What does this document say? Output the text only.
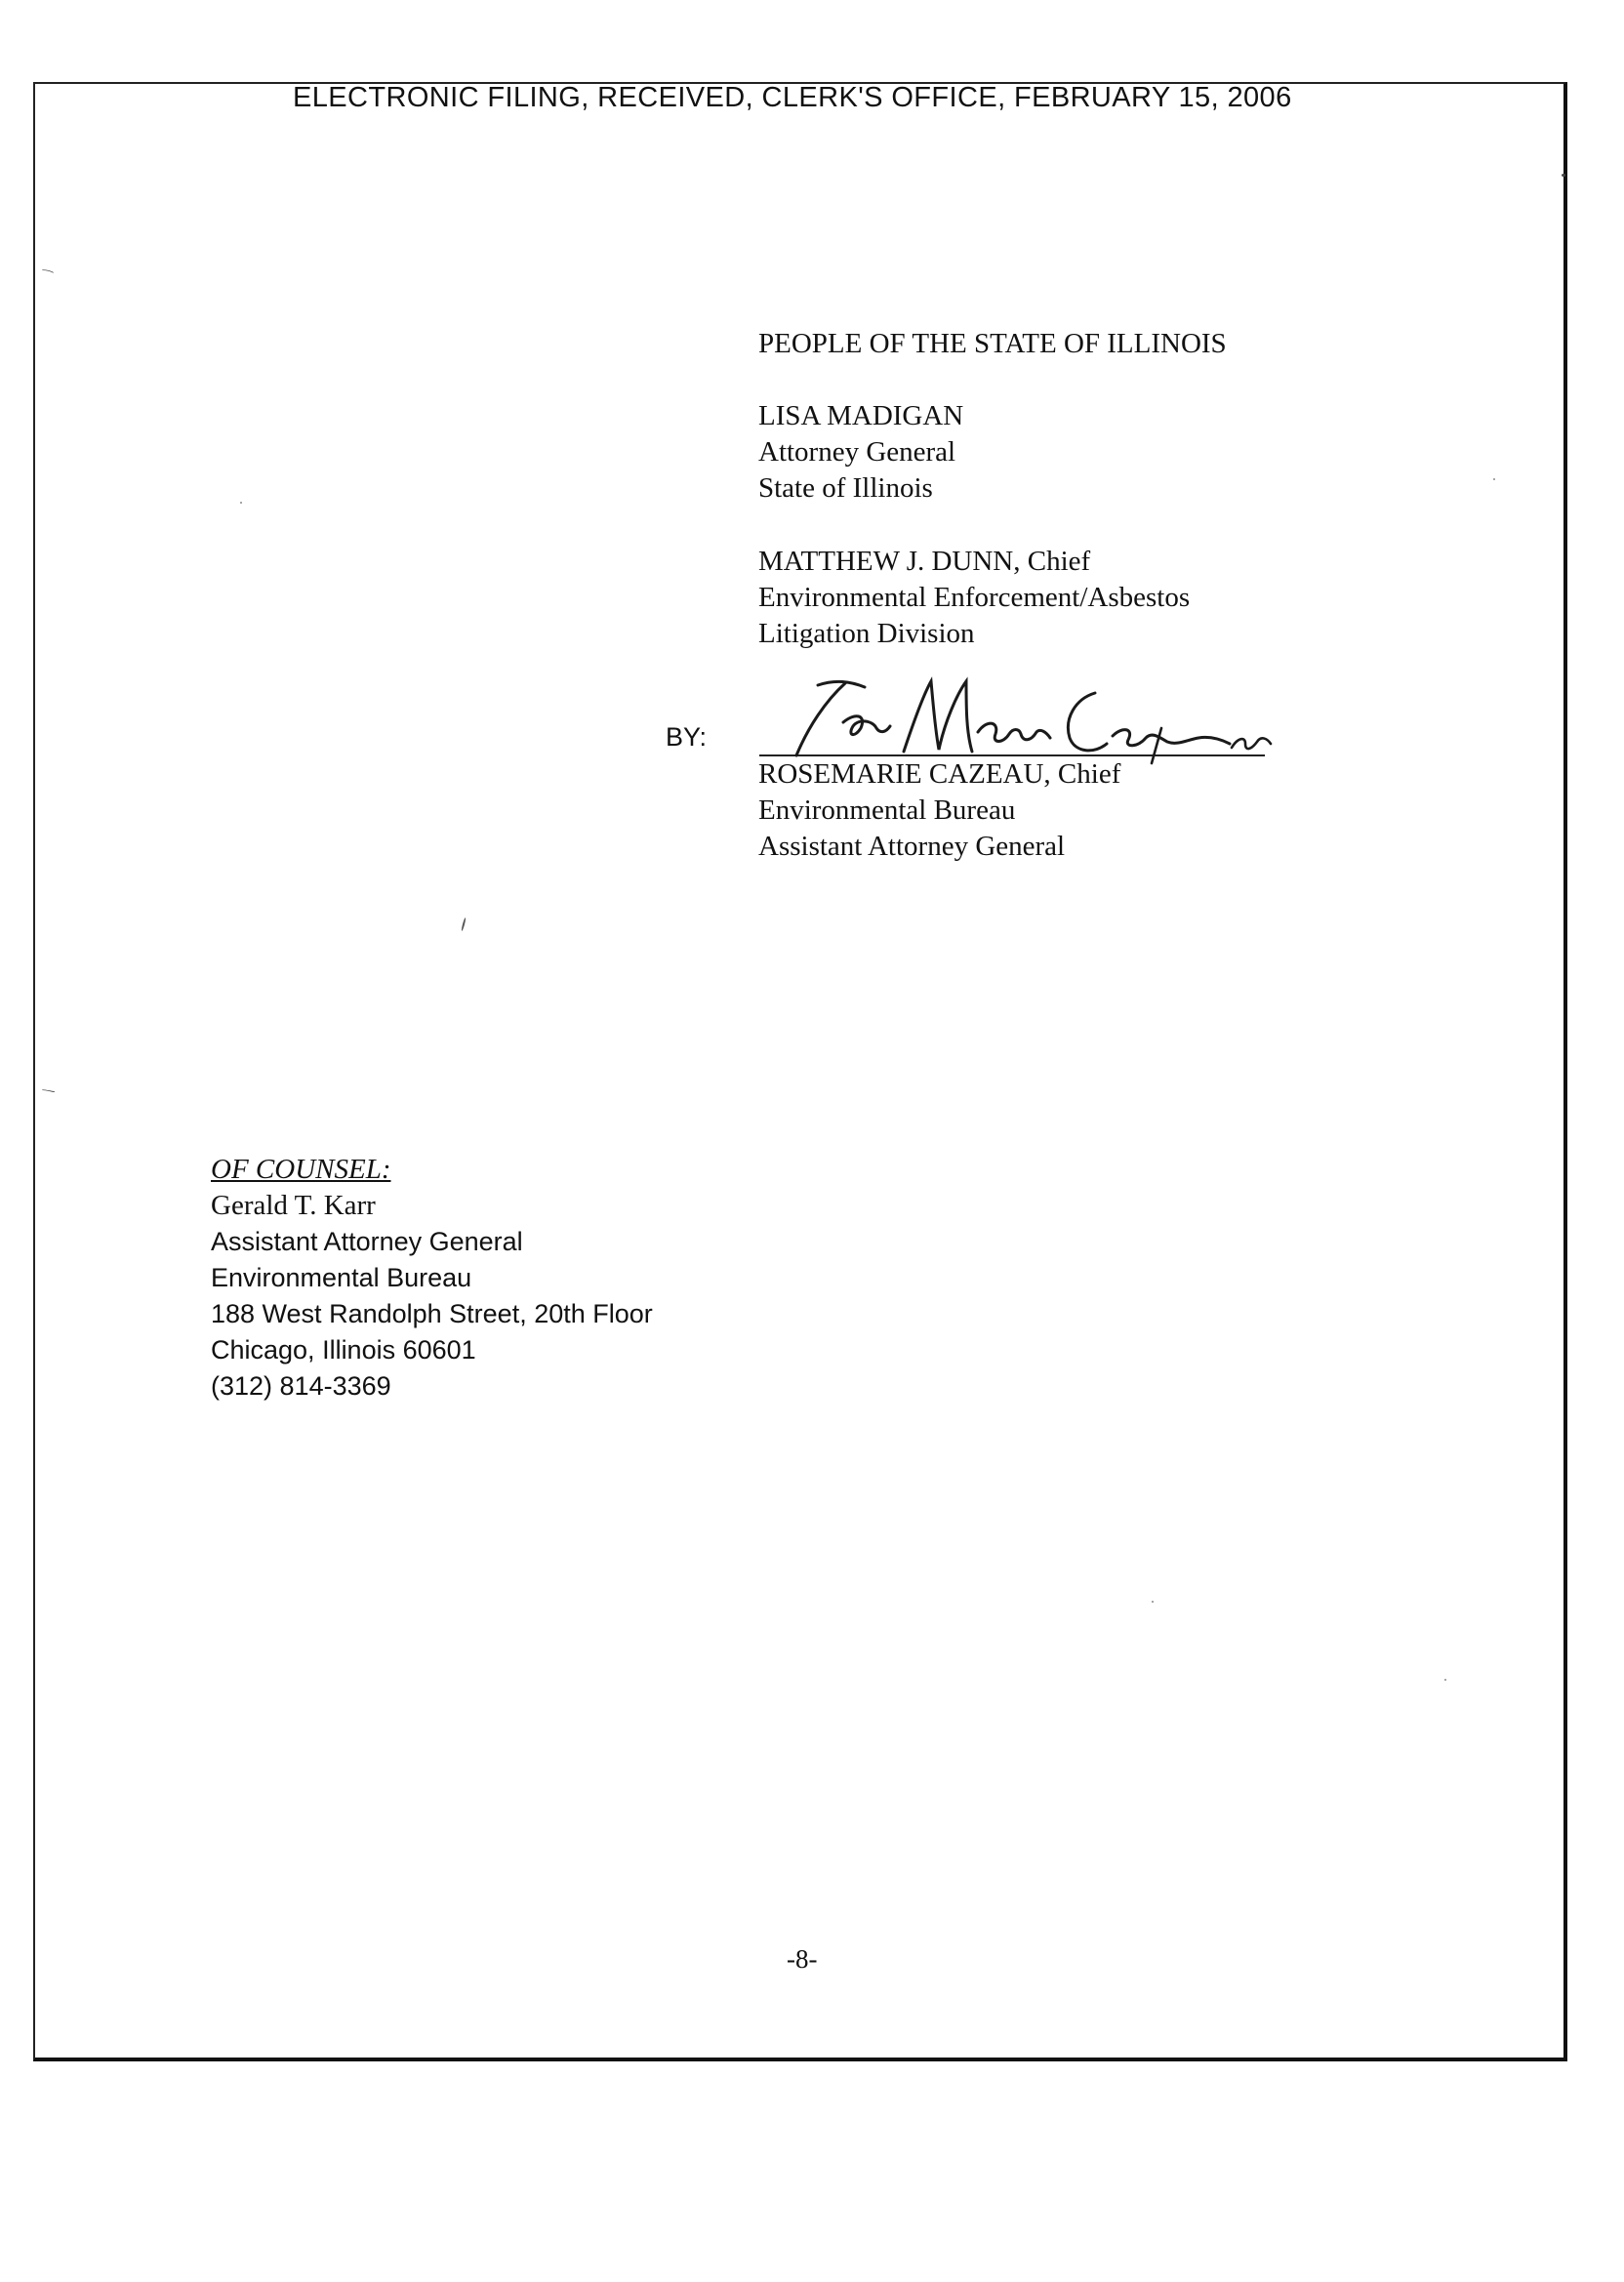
ELECTRONIC FILING, RECEIVED, CLERK'S OFFICE, FEBRUARY 15, 2006
PEOPLE OF THE STATE OF ILLINOIS
LISA MADIGAN
Attorney General
State of Illinois
MATTHEW J. DUNN, Chief
Environmental Enforcement/Asbestos
Litigation Division
BY:
ROSEMARIE CAZEAU, Chief
Environmental Bureau
Assistant Attorney General
OF COUNSEL:
Gerald T. Karr
Assistant Attorney General
Environmental Bureau
188 West Randolph Street, 20th Floor
Chicago, Illinois 60601
(312) 814-3369
-8-
